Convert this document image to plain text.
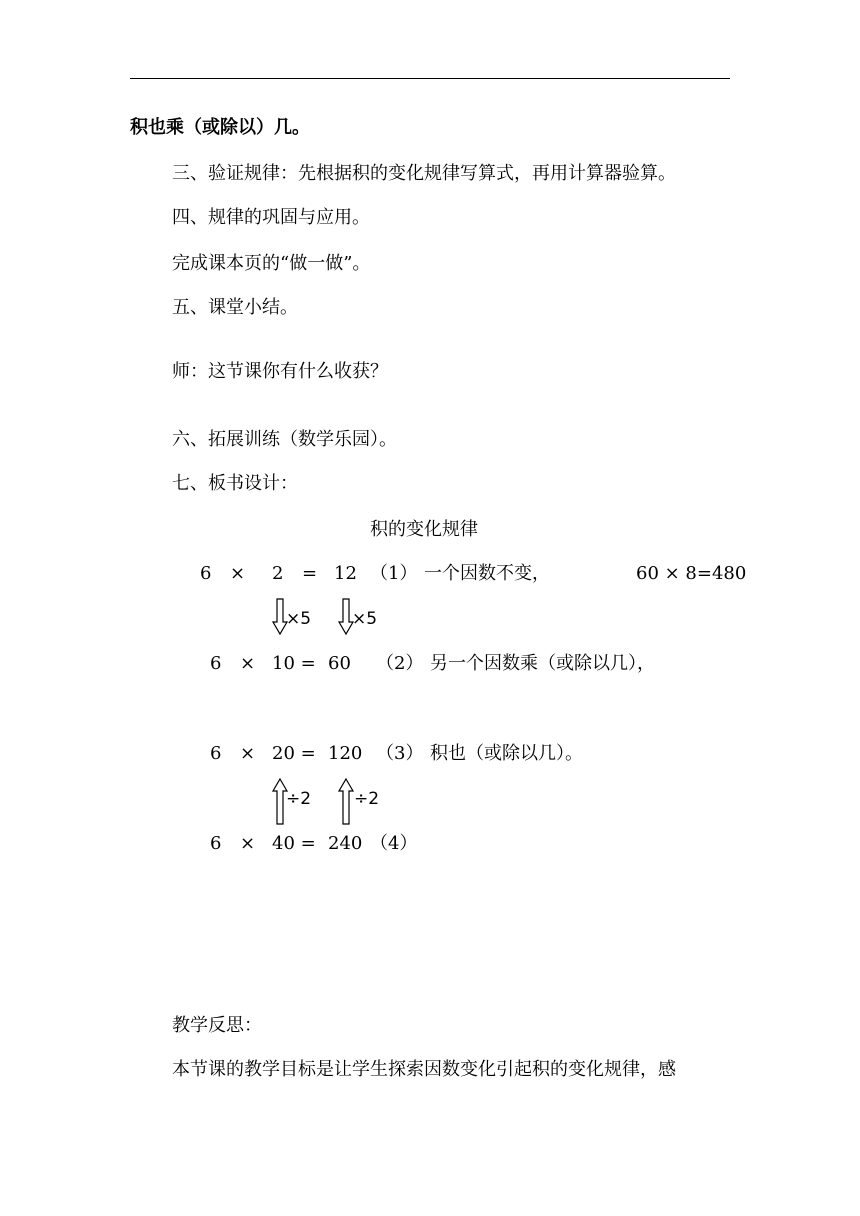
积也乘（或除以）几。
三、验证规律：先根据积的变化规律写算式，再用计算器验算。
四、规律的巩固与应用。
完成课本页的“做一做”。
五、课堂小结。
师：这节课你有什么收获？
六、拓展训练（数学乐园）。
七、板书设计：
积的变化规律
6 × 2 = 12 （1） 一个因数不变，	60 × 8=480
×5 ×5
6 × 10 = 60 （2） 另一个因数乘（或除以几），
6 × 20 = 120 （3） 积也（或除以几）。
÷2	÷2
6 × 40 = 240 （4）
教学反思：
本节课的教学目标是让学生探索因数变化引起积的变化规律，感
